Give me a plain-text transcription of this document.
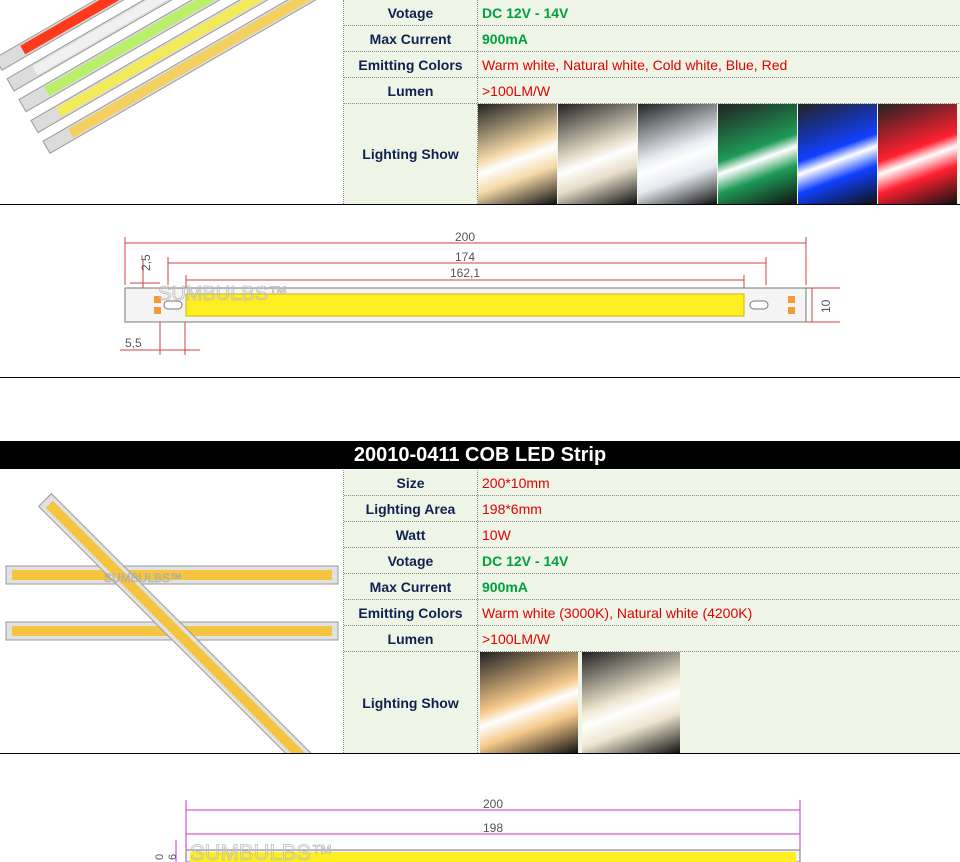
Votage	DC 12V - 14V
Max Current	900mA
Emitting Colors	Warm white, Natural white, Cold white, Blue, Red
Lumen	>100LM/W
Lighting Show
200
174
162,1
2,5
10
5,5
SUMBULBS™
20010-0411 COB LED Strip
SUMBULBS™
Size	200*10mm
Lighting Area	198*6mm
Watt	10W
Votage	DC 12V - 14V
Max Current	900mA
Emitting Colors	Warm white (3000K), Natural white (4200K)
Lumen	>100LM/W
Lighting Show
200
198
0 6 SUMBULBS™
